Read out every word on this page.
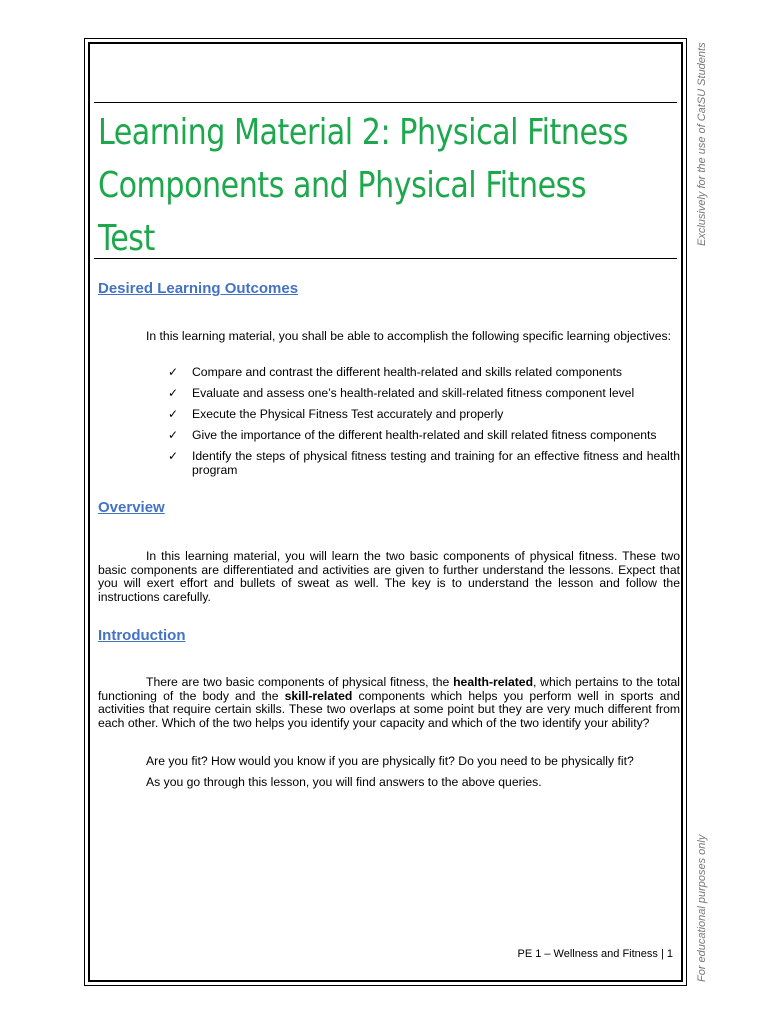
Exclusively for the use of CatSU Students
For educational purposes only
Learning Material 2: Physical Fitness Components and Physical Fitness Test
Desired Learning Outcomes
In this learning material, you shall be able to accomplish the following specific learning objectives:
✓ Compare and contrast the different health-related and skills related components
✓ Evaluate and assess one’s health-related and skill-related fitness component level
✓ Execute the Physical Fitness Test accurately and properly
✓ Give the importance of the different health-related and skill related fitness components
✓ Identify the steps of physical fitness testing and training for an effective fitness and health program
Overview
In this learning material, you will learn the two basic components of physical fitness. These two basic components are differentiated and activities are given to further understand the lessons. Expect that you will exert effort and bullets of sweat as well. The key is to understand the lesson and follow the instructions carefully.
Introduction
There are two basic components of physical fitness, the health-related, which pertains to the total functioning of the body and the skill-related components which helps you perform well in sports and activities that require certain skills. These two overlaps at some point but they are very much different from each other. Which of the two helps you identify your capacity and which of the two identify your ability?
Are you fit? How would you know if you are physically fit? Do you need to be physically fit?
As you go through this lesson, you will find answers to the above queries.
PE 1 – Wellness and Fitness | 1
